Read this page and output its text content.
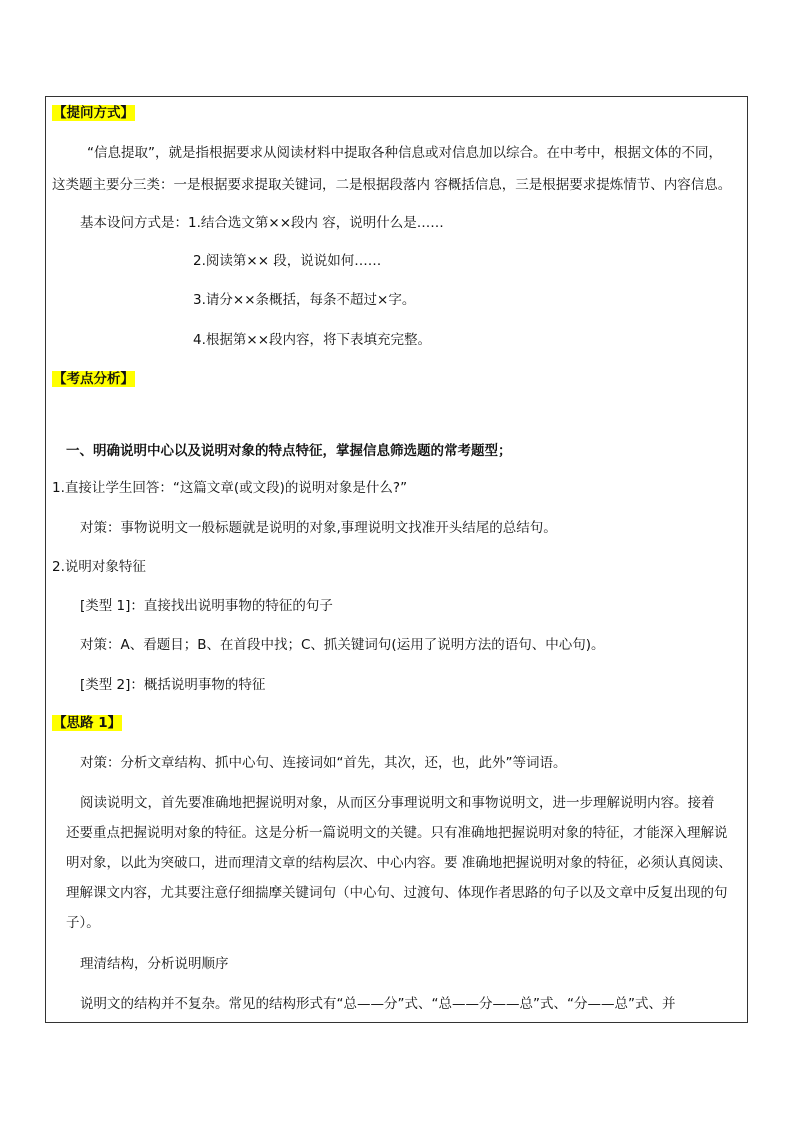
【提问方式】
“信息提取”，就是指根据要求从阅读材料中提取各种信息或对信息加以综合。在中考中，根据文体的不同，
这类题主要分三类：一是根据要求提取关键词，二是根据段落内 容概括信息，三是根据要求提炼情节、内容信息。
基本设问方式是：1.结合选文第××段内 容，说明什么是……
2.阅读第×× 段，说说如何……
3.请分××条概括，每条不超过×字。
4.根据第××段内容，将下表填充完整。
【考点分析】
一、明确说明中心以及说明对象的特点特征，掌握信息筛选题的常考题型；
1.直接让学生回答：“这篇文章(或文段)的说明对象是什么?”
对策：事物说明文一般标题就是说明的对象,事理说明文找准开头结尾的总结句。
2.说明对象特征
[类型 1]：直接找出说明事物的特征的句子
对策：A、看题目；B、在首段中找；C、抓关键词句(运用了说明方法的语句、中心句)。
[类型 2]：概括说明事物的特征
【思路 1】
对策：分析文章结构、抓中心句、连接词如“首先，其次，还，也，此外”等词语。
阅读说明文，首先要准确地把握说明对象，从而区分事理说明文和事物说明文，进一步理解说明内容。接着
还要重点把握说明对象的特征。这是分析一篇说明文的关键。只有准确地把握说明对象的特征，才能深入理解说
明对象，以此为突破口，进而理清文章的结构层次、中心内容。要 准确地把握说明对象的特征，必须认真阅读、
理解课文内容，尤其要注意仔细揣摩关键词句（中心句、过渡句、体现作者思路的句子以及文章中反复出现的句
子）。
理清结构，分析说明顺序
说明文的结构并不复杂。常见的结构形式有“总——分”式、“总——分——总”式、“分——总”式、并
